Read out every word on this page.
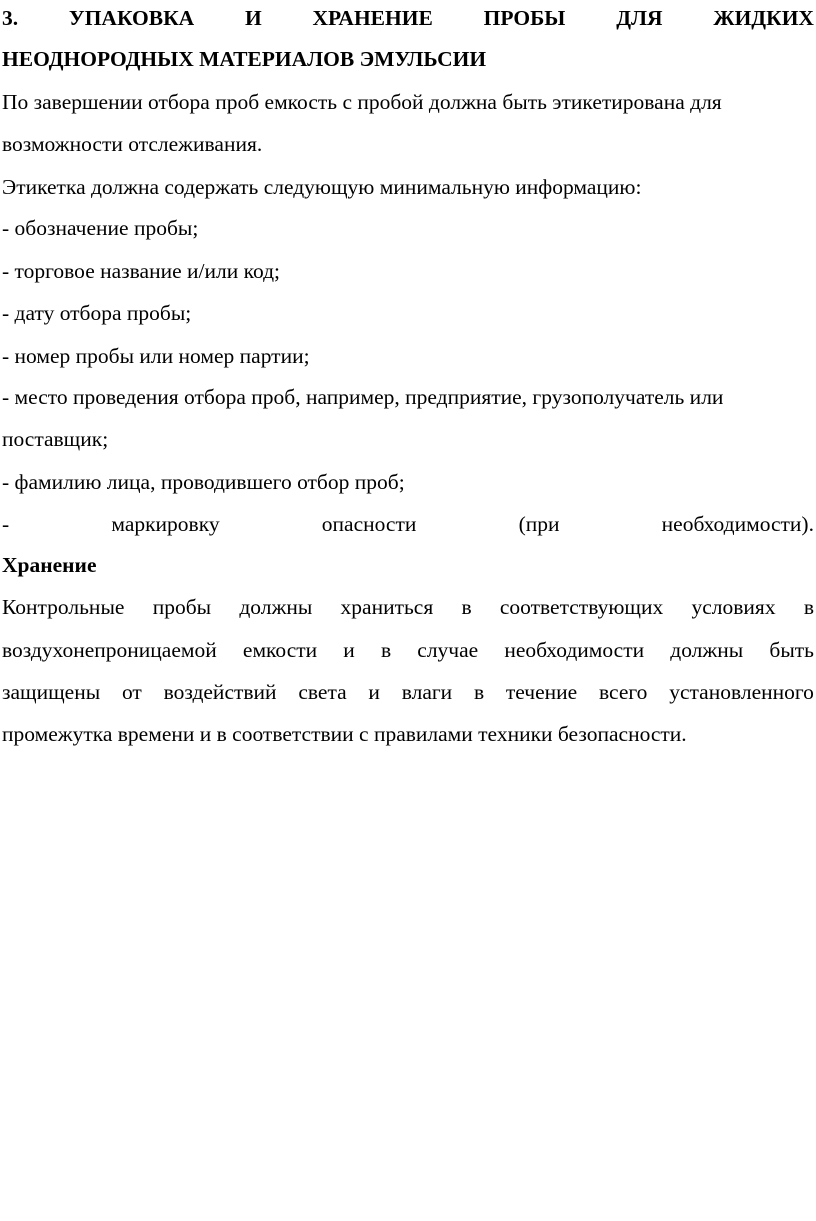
3. УПАКОВКА И ХРАНЕНИЕ ПРОБЫ ДЛЯ ЖИДКИХ
НЕОДНОРОДНЫХ МАТЕРИАЛОВ ЭМУЛЬСИИ
По завершении отбора проб емкость с пробой должна быть этикетирована для
возможности отслеживания.
Этикетка должна содержать следующую минимальную информацию:
- обозначение пробы;
- торговое название и/или код;
- дату отбора пробы;
- номер пробы или номер партии;
- место проведения отбора проб, например, предприятие, грузополучатель или
поставщик;
- фамилию лица, проводившего отбор проб;
-	маркировку	опасности	(при	необходимости).
Хранение
Контрольные пробы должны храниться в соответствующих условиях в
воздухонепроницаемой емкости и в случае необходимости должны быть
защищены от воздействий света и влаги в течение всего установленного
промежутка времени и в соответствии с правилами техники безопасности.
